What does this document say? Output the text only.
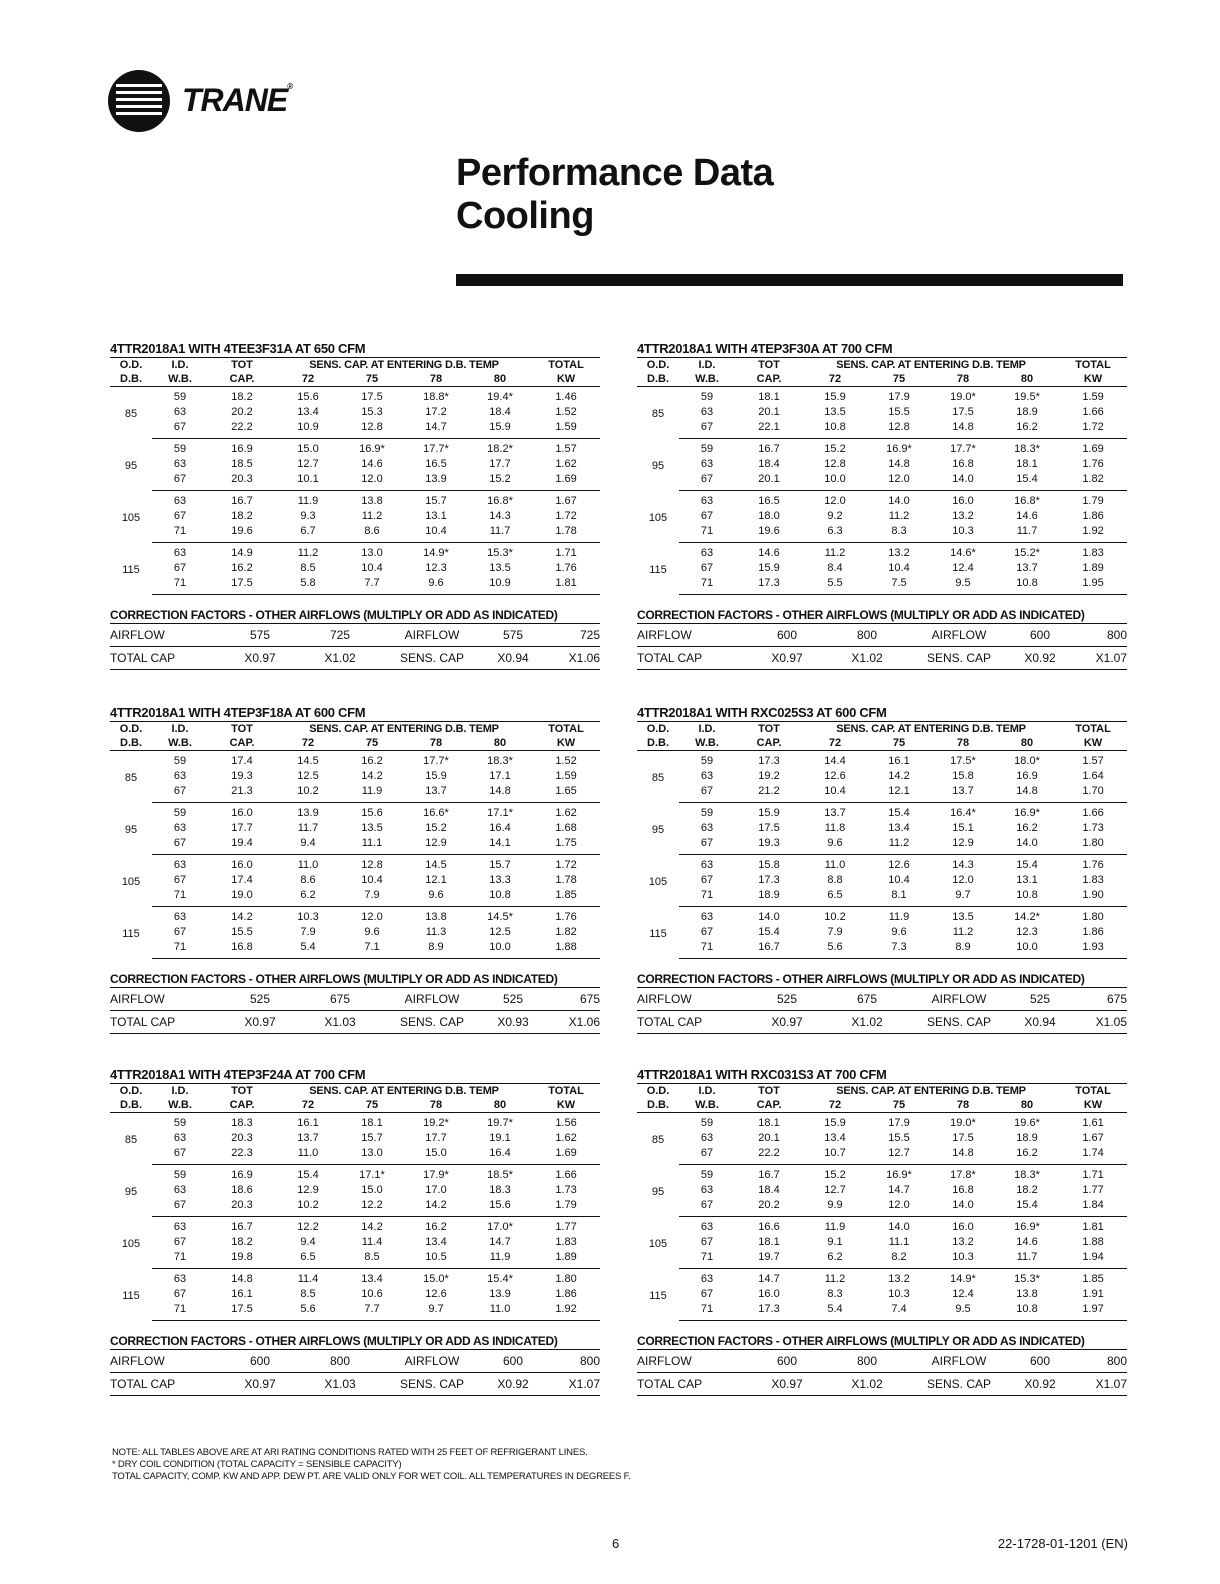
TRANE®
Performance Data
Cooling
4TTR2018A1 WITH 4TEE3F31A AT 650 CFM
O.D.	I.D.	TOT	SENS. CAP. AT ENTERING D.B. TEMP				TOTAL
D.B.	W.B.	CAP.	72	75	78	80	KW
85	59	18.2	15.6	17.5	18.8*	19.4*	1.46
	63	20.2	13.4	15.3	17.2	18.4	1.52
	67	22.2	10.9	12.8	14.7	15.9	1.59
95	59	16.9	15.0	16.9*	17.7*	18.2*	1.57
	63	18.5	12.7	14.6	16.5	17.7	1.62
	67	20.3	10.1	12.0	13.9	15.2	1.69
105	63	16.7	11.9	13.8	15.7	16.8*	1.67
	67	18.2	9.3	11.2	13.1	14.3	1.72
	71	19.6	6.7	8.6	10.4	11.7	1.78
115	63	14.9	11.2	13.0	14.9*	15.3*	1.71
	67	16.2	8.5	10.4	12.3	13.5	1.76
	71	17.5	5.8	7.7	9.6	10.9	1.81
CORRECTION FACTORS - OTHER AIRFLOWS (MULTIPLY OR ADD AS INDICATED)
AIRFLOW	575	725	AIRFLOW	575	725
TOTAL CAP	X0.97	X1.02	SENS. CAP	X0.94	X1.06
4TTR2018A1 WITH 4TEP3F30A AT 700 CFM
O.D.	I.D.	TOT	SENS. CAP. AT ENTERING D.B. TEMP				TOTAL
D.B.	W.B.	CAP.	72	75	78	80	KW
85	59	18.1	15.9	17.9	19.0*	19.5*	1.59
	63	20.1	13.5	15.5	17.5	18.9	1.66
	67	22.1	10.8	12.8	14.8	16.2	1.72
95	59	16.7	15.2	16.9*	17.7*	18.3*	1.69
	63	18.4	12.8	14.8	16.8	18.1	1.76
	67	20.1	10.0	12.0	14.0	15.4	1.82
105	63	16.5	12.0	14.0	16.0	16.8*	1.79
	67	18.0	9.2	11.2	13.2	14.6	1.86
	71	19.6	6.3	8.3	10.3	11.7	1.92
115	63	14.6	11.2	13.2	14.6*	15.2*	1.83
	67	15.9	8.4	10.4	12.4	13.7	1.89
	71	17.3	5.5	7.5	9.5	10.8	1.95
CORRECTION FACTORS - OTHER AIRFLOWS (MULTIPLY OR ADD AS INDICATED)
AIRFLOW	600	800	AIRFLOW	600	800
TOTAL CAP	X0.97	X1.02	SENS. CAP	X0.92	X1.07
4TTR2018A1 WITH 4TEP3F18A AT 600 CFM
O.D.	I.D.	TOT	SENS. CAP. AT ENTERING D.B. TEMP				TOTAL
D.B.	W.B.	CAP.	72	75	78	80	KW
85	59	17.4	14.5	16.2	17.7*	18.3*	1.52
	63	19.3	12.5	14.2	15.9	17.1	1.59
	67	21.3	10.2	11.9	13.7	14.8	1.65
95	59	16.0	13.9	15.6	16.6*	17.1*	1.62
	63	17.7	11.7	13.5	15.2	16.4	1.68
	67	19.4	9.4	11.1	12.9	14.1	1.75
105	63	16.0	11.0	12.8	14.5	15.7	1.72
	67	17.4	8.6	10.4	12.1	13.3	1.78
	71	19.0	6.2	7.9	9.6	10.8	1.85
115	63	14.2	10.3	12.0	13.8	14.5*	1.76
	67	15.5	7.9	9.6	11.3	12.5	1.82
	71	16.8	5.4	7.1	8.9	10.0	1.88
CORRECTION FACTORS - OTHER AIRFLOWS (MULTIPLY OR ADD AS INDICATED)
AIRFLOW	525	675	AIRFLOW	525	675
TOTAL CAP	X0.97	X1.03	SENS. CAP	X0.93	X1.06
4TTR2018A1 WITH RXC025S3 AT 600 CFM
O.D.	I.D.	TOT	SENS. CAP. AT ENTERING D.B. TEMP				TOTAL
D.B.	W.B.	CAP.	72	75	78	80	KW
85	59	17.3	14.4	16.1	17.5*	18.0*	1.57
	63	19.2	12.6	14.2	15.8	16.9	1.64
	67	21.2	10.4	12.1	13.7	14.8	1.70
95	59	15.9	13.7	15.4	16.4*	16.9*	1.66
	63	17.5	11.8	13.4	15.1	16.2	1.73
	67	19.3	9.6	11.2	12.9	14.0	1.80
105	63	15.8	11.0	12.6	14.3	15.4	1.76
	67	17.3	8.8	10.4	12.0	13.1	1.83
	71	18.9	6.5	8.1	9.7	10.8	1.90
115	63	14.0	10.2	11.9	13.5	14.2*	1.80
	67	15.4	7.9	9.6	11.2	12.3	1.86
	71	16.7	5.6	7.3	8.9	10.0	1.93
CORRECTION FACTORS - OTHER AIRFLOWS (MULTIPLY OR ADD AS INDICATED)
AIRFLOW	525	675	AIRFLOW	525	675
TOTAL CAP	X0.97	X1.02	SENS. CAP	X0.94	X1.05
4TTR2018A1 WITH 4TEP3F24A AT 700 CFM
O.D.	I.D.	TOT	SENS. CAP. AT ENTERING D.B. TEMP				TOTAL
D.B.	W.B.	CAP.	72	75	78	80	KW
85	59	18.3	16.1	18.1	19.2*	19.7*	1.56
	63	20.3	13.7	15.7	17.7	19.1	1.62
	67	22.3	11.0	13.0	15.0	16.4	1.69
95	59	16.9	15.4	17.1*	17.9*	18.5*	1.66
	63	18.6	12.9	15.0	17.0	18.3	1.73
	67	20.3	10.2	12.2	14.2	15.6	1.79
105	63	16.7	12.2	14.2	16.2	17.0*	1.77
	67	18.2	9.4	11.4	13.4	14.7	1.83
	71	19.8	6.5	8.5	10.5	11.9	1.89
115	63	14.8	11.4	13.4	15.0*	15.4*	1.80
	67	16.1	8.5	10.6	12.6	13.9	1.86
	71	17.5	5.6	7.7	9.7	11.0	1.92
CORRECTION FACTORS - OTHER AIRFLOWS (MULTIPLY OR ADD AS INDICATED)
AIRFLOW	600	800	AIRFLOW	600	800
TOTAL CAP	X0.97	X1.03	SENS. CAP	X0.92	X1.07
4TTR2018A1 WITH RXC031S3 AT 700 CFM
O.D.	I.D.	TOT	SENS. CAP. AT ENTERING D.B. TEMP				TOTAL
D.B.	W.B.	CAP.	72	75	78	80	KW
85	59	18.1	15.9	17.9	19.0*	19.6*	1.61
	63	20.1	13.4	15.5	17.5	18.9	1.67
	67	22.2	10.7	12.7	14.8	16.2	1.74
95	59	16.7	15.2	16.9*	17.8*	18.3*	1.71
	63	18.4	12.7	14.7	16.8	18.2	1.77
	67	20.2	9.9	12.0	14.0	15.4	1.84
105	63	16.6	11.9	14.0	16.0	16.9*	1.81
	67	18.1	9.1	11.1	13.2	14.6	1.88
	71	19.7	6.2	8.2	10.3	11.7	1.94
115	63	14.7	11.2	13.2	14.9*	15.3*	1.85
	67	16.0	8.3	10.3	12.4	13.8	1.91
	71	17.3	5.4	7.4	9.5	10.8	1.97
CORRECTION FACTORS - OTHER AIRFLOWS (MULTIPLY OR ADD AS INDICATED)
AIRFLOW	600	800	AIRFLOW	600	800
TOTAL CAP	X0.97	X1.02	SENS. CAP	X0.92	X1.07
NOTE: ALL TABLES ABOVE ARE AT ARI RATING CONDITIONS RATED WITH 25 FEET OF REFRIGERANT LINES.
* DRY COIL CONDITION (TOTAL CAPACITY = SENSIBLE CAPACITY)
TOTAL CAPACITY, COMP. KW AND APP. DEW PT. ARE VALID ONLY FOR WET COIL. ALL TEMPERATURES IN DEGREES F.
6	22-1728-01-1201 (EN)
